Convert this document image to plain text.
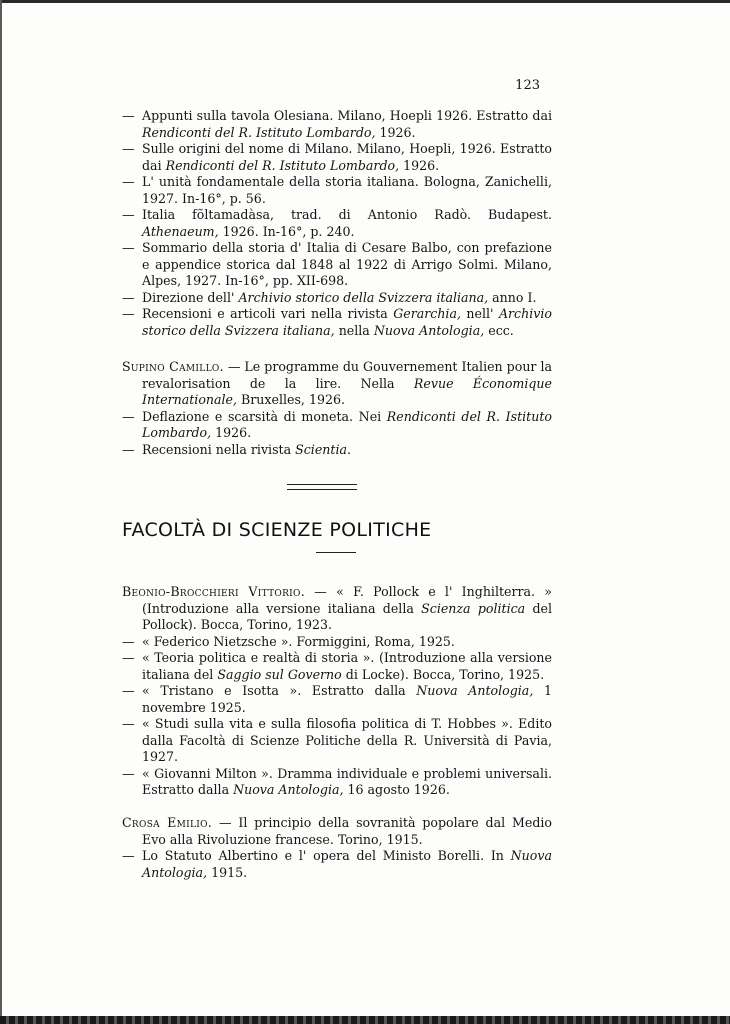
123

— Appunti sulla tavola Olesiana. Milano, Hoepli 1926. Estratto dai Rendiconti del R. Istituto Lombardo, 1926.

— Sulle origini del nome di Milano. Milano, Hoepli, 1926. Estratto dai Rendiconti del R. Istituto Lombardo, 1926.

— L' unità fondamentale della storia italiana. Bologna, Zanichelli, 1927. In-16°, p. 56.

— Italia fõltamadàsa, trad. di Antonio Radò. Budapest. Athenaeum, 1926. In-16°, p. 240.

— Sommario della storia d' Italia di Cesare Balbo, con prefazione e appendice storica dal 1848 al 1922 di Arrigo Solmi. Milano, Alpes, 1927. In-16°, pp. XII-698.

— Direzione dell' Archivio storico della Svizzera italiana, anno I.

— Recensioni e articoli vari nella rivista Gerarchia, nell' Archivio storico della Svizzera italiana, nella Nuova Antologia, ecc.

Supino Camillo. — Le programme du Gouvernement Italien pour la revalorisation de la lire. Nella Revue Économique Internationale, Bruxelles, 1926.

— Deflazione e scarsità di moneta. Nei Rendiconti del R. Istituto Lombardo, 1926.

— Recensioni nella rivista Scientia.

FACOLTÀ DI SCIENZE POLITICHE

Beonio-Brocchieri Vittorio. — « F. Pollock e l' Inghilterra. » (Introduzione alla versione italiana della Scienza politica del Pollock). Bocca, Torino, 1923.

— « Federico Nietzsche ». Formiggini, Roma, 1925.

— « Teoria politica e realtà di storia ». (Introduzione alla versione italiana del Saggio sul Governo di Locke). Bocca, Torino, 1925.

— « Tristano e Isotta ». Estratto dalla Nuova Antologia, 1 novembre 1925.

— « Studi sulla vita e sulla filosofia politica di T. Hobbes ». Edito dalla Facoltà di Scienze Politiche della R. Università di Pavia, 1927.

— « Giovanni Milton ». Dramma individuale e problemi universali. Estratto dalla Nuova Antologia, 16 agosto 1926.

Crosa Emilio. — Il principio della sovranità popolare dal Medio Evo alla Rivoluzione francese. Torino, 1915.

— Lo Statuto Albertino e l' opera del Ministo Borelli. In Nuova Antologia, 1915.
